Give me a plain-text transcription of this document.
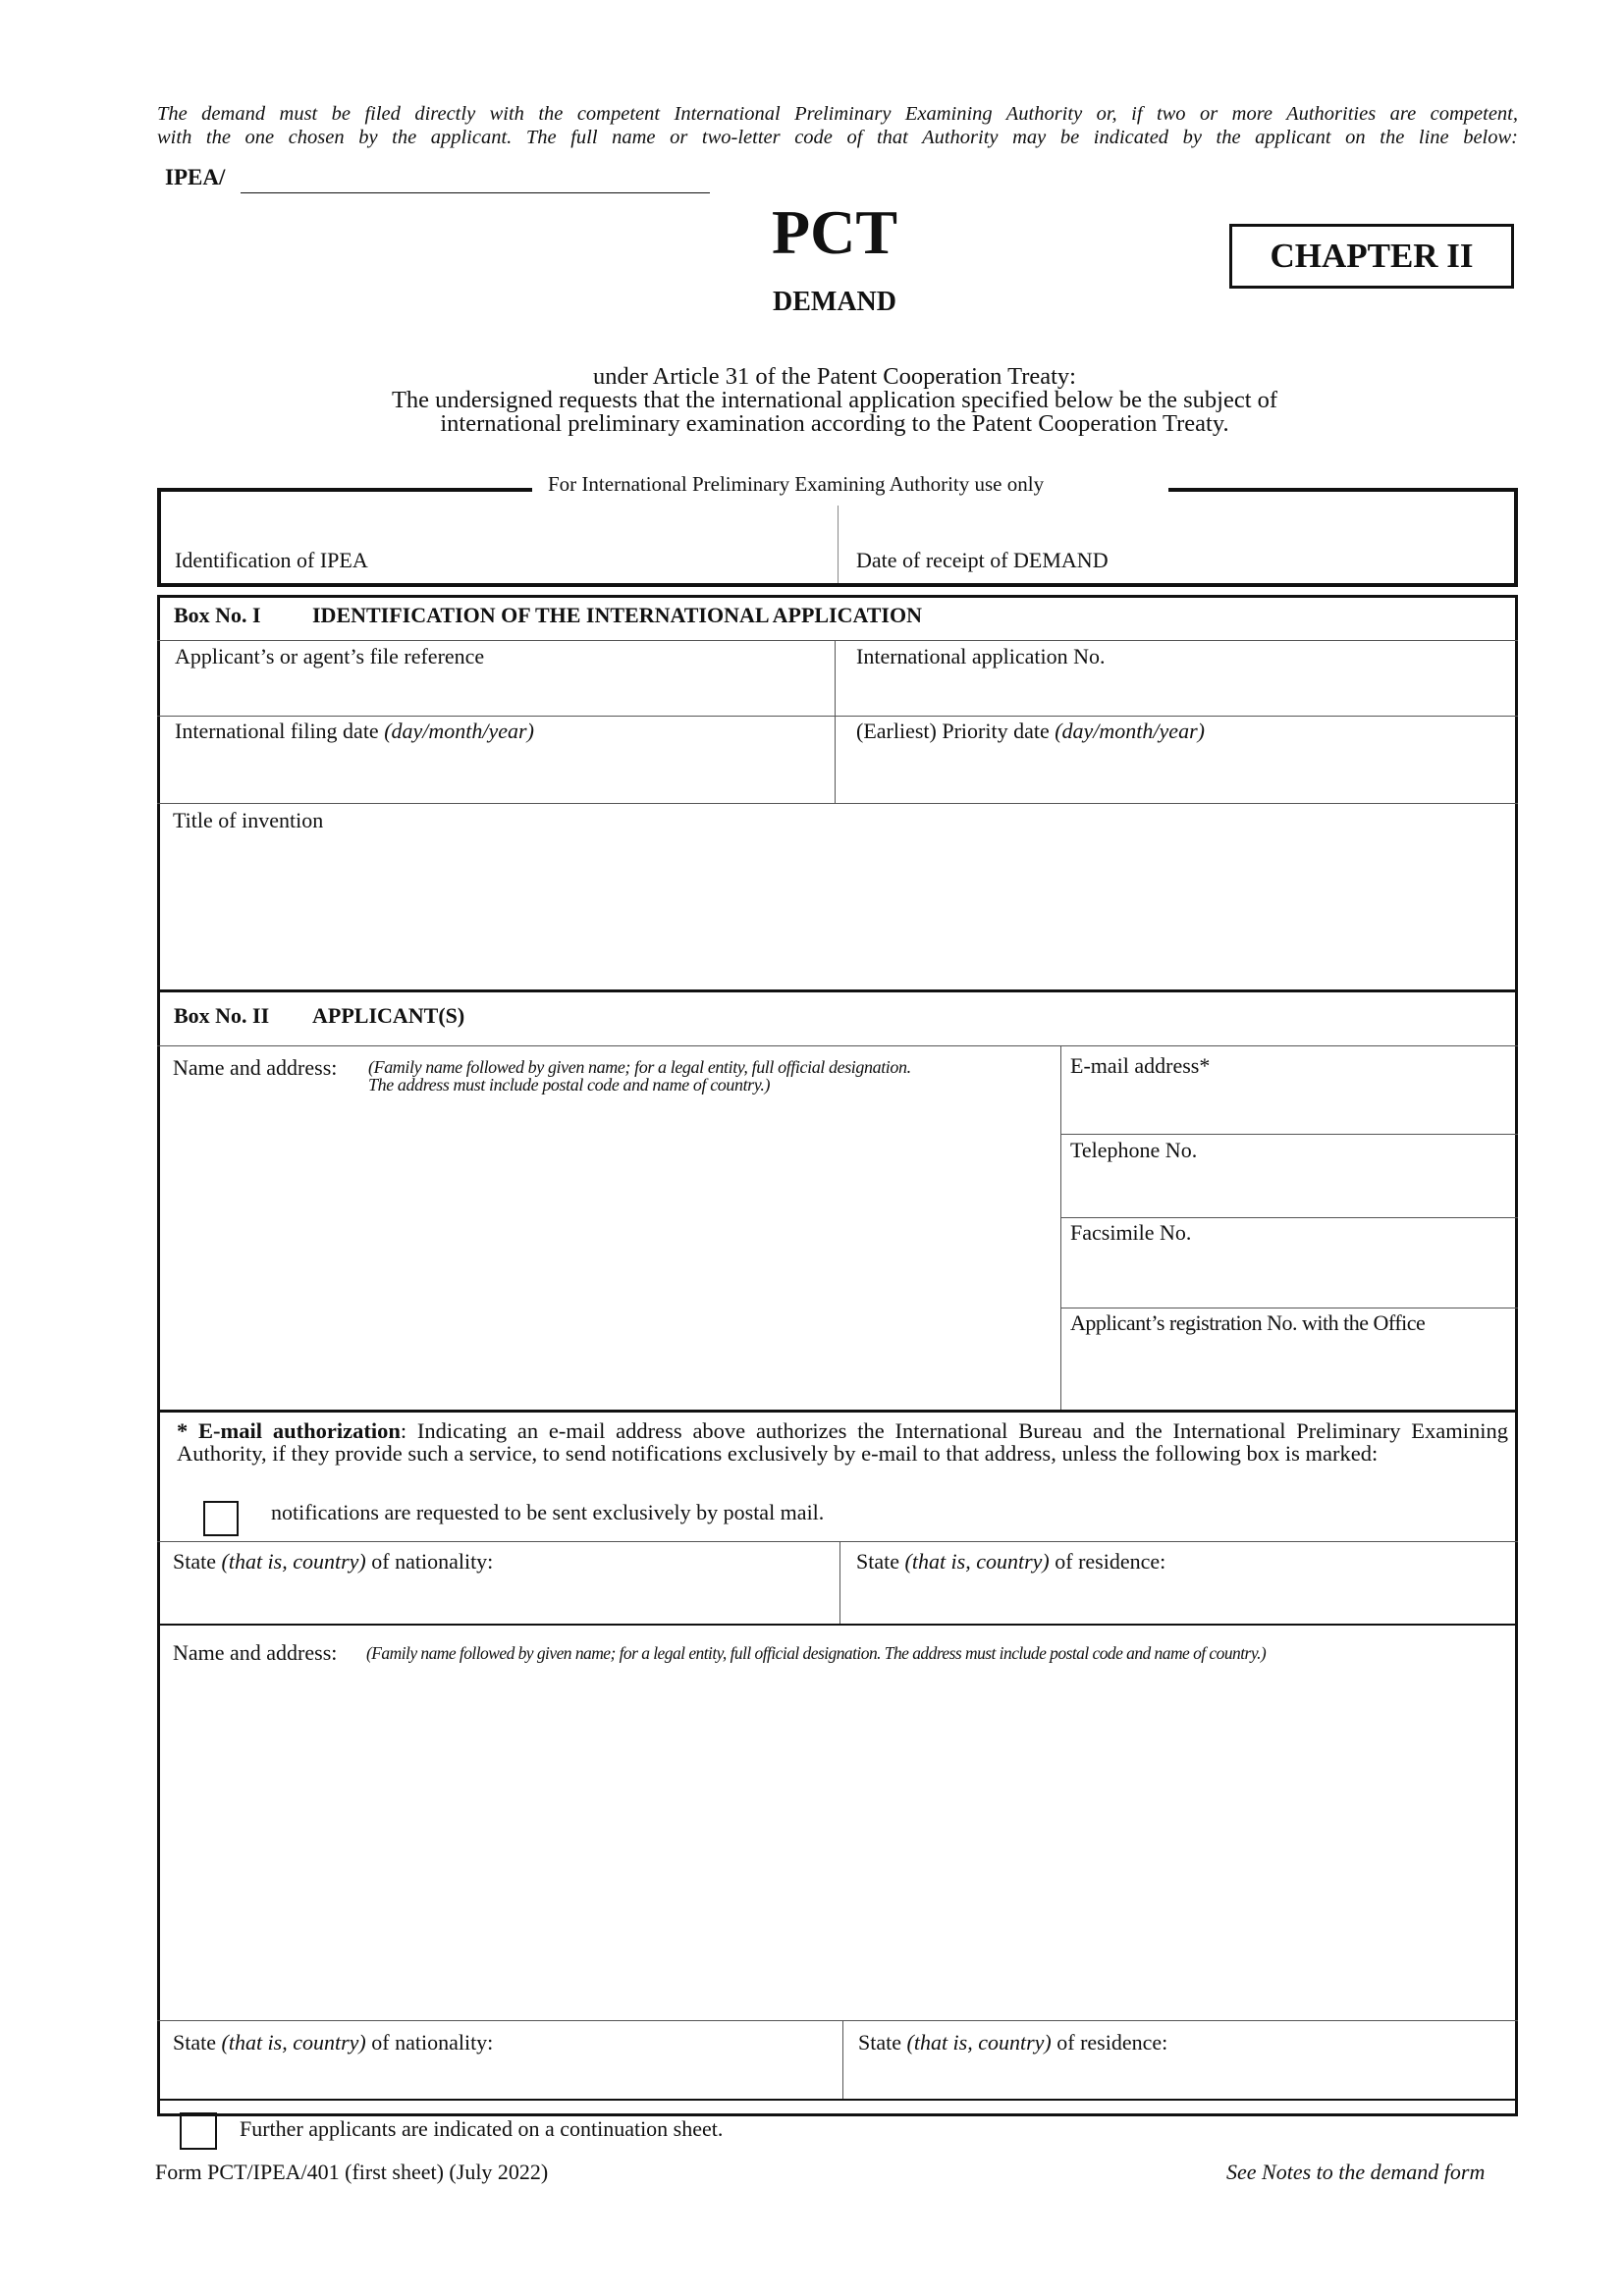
The demand must be filed directly with the competent International Preliminary Examining Authority or, if two or more Authorities are competent,
with the one chosen by the applicant. The full name or two-letter code of that Authority may be indicated by the applicant on the line below:
IPEA/
PCT
DEMAND
CHAPTER II
under Article 31 of the Patent Cooperation Treaty:
The undersigned requests that the international application specified below be the subject of
international preliminary examination according to the Patent Cooperation Treaty.
For International Preliminary Examining Authority use only
Identification of IPEA	Date of receipt of DEMAND
Box No. I IDENTIFICATION OF THE INTERNATIONAL APPLICATION
Applicant’s or agent’s file reference	International application No.
International filing date (day/month/year)	(Earliest) Priority date (day/month/year)
Title of invention
Box No. II APPLICANT(S)
Name and address: (Family name followed by given name; for a legal entity, full official designation.
The address must include postal code and name of country.)
E-mail address*
Telephone No.
Facsimile No.
Applicant’s registration No. with the Office
* E-mail authorization: Indicating an e-mail address above authorizes the International Bureau and the International Preliminary Examining Authority, if they provide such a service, to send notifications exclusively by e-mail to that address, unless the following box is marked:
notifications are requested to be sent exclusively by postal mail.
State (that is, country) of nationality:	State (that is, country) of residence:
Name and address: (Family name followed by given name; for a legal entity, full official designation. The address must include postal code and name of country.)
State (that is, country) of nationality:	State (that is, country) of residence:
Further applicants are indicated on a continuation sheet.
Form PCT/IPEA/401 (first sheet) (July 2022)	See Notes to the demand form
